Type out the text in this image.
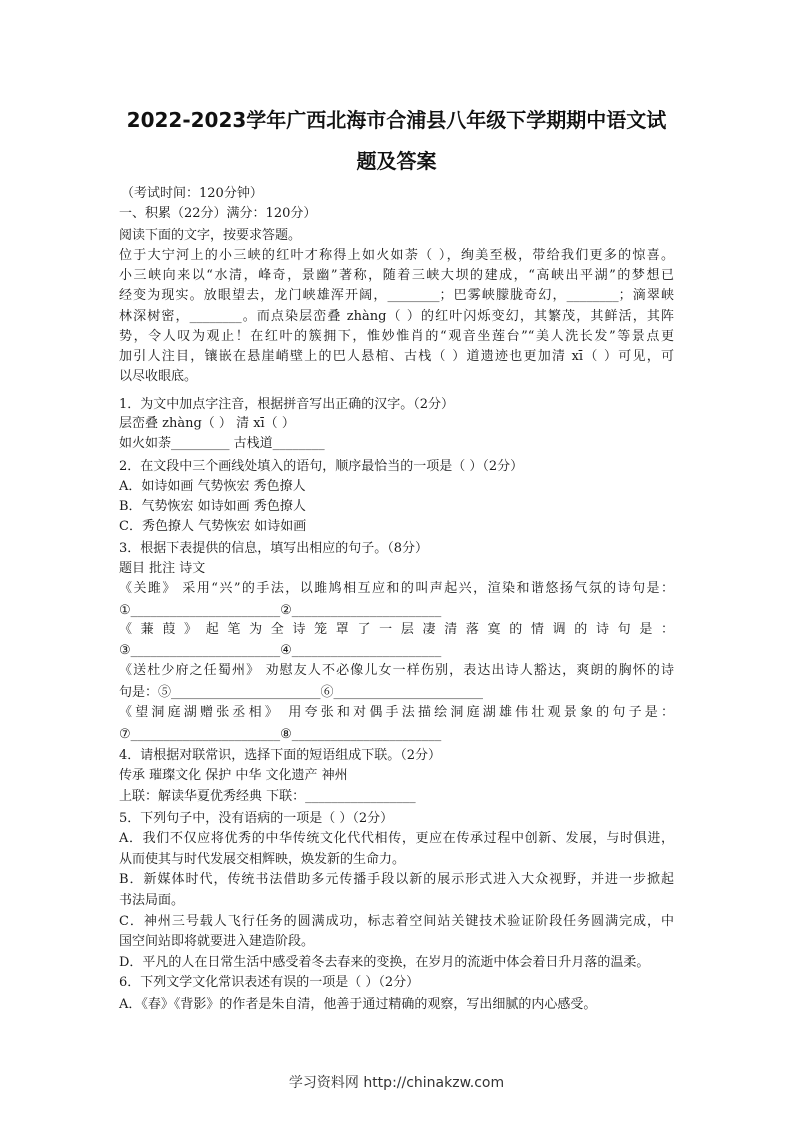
2022-2023学年广西北海市合浦县八年级下学期期中语文试
题及答案
（考试时间：120分钟）
一、积累（22分）满分：120分）
阅读下面的文字，按要求答题。
位于大宁河上的小三峡的红叶才称得上如火如荼（ ），绚美至极，带给我们更多的惊喜。
小三峡向来以“水清，峰奇，景幽”著称，随着三峡大坝的建成，“高峡出平湖”的梦想已
经变为现实。放眼望去，龙门峡雄浑开阔，________；巴雾峡朦胧奇幻，________；滴翠峡
林深树密，________。而点染层峦叠 zhàng（ ）的红叶闪烁变幻，其繁茂，其鲜活，其阵
势，令人叹为观止！在红叶的簇拥下，惟妙惟肖的“观音坐莲台”“美人洗长发”等景点更
加引人注目，镶嵌在悬崖峭壁上的巴人悬棺、古栈（ ）道遗迹也更加清 xī（ ）可见，可
以尽收眼底。
1．为文中加点字注音，根据拼音写出正确的汉字。（2分）
层峦叠 zhàng（ ） 清 xī（ ）
如火如荼_________ 古栈道________
2．在文段中三个画线处填入的语句，顺序最恰当的一项是（ ）（2分）
A．如诗如画 气势恢宏 秀色撩人
B．气势恢宏 如诗如画 秀色撩人
C．秀色撩人 气势恢宏 如诗如画
3．根据下表提供的信息，填写出相应的句子。（8分）
题目 批注 诗文
《关雎》 采用“兴”的手法，以雎鸠相互应和的叫声起兴，渲染和谐悠扬气氛的诗句是：
①_______________________②_______________________
《 蒹 葭 》 起 笔 为 全 诗 笼 罩 了 一 层 凄 清 落 寞 的 情 调 的 诗 句 是 ：
③_______________________④_______________________
《送杜少府之任蜀州》 劝慰友人不必像儿女一样伤别，表达出诗人豁达，爽朗的胸怀的诗
句是：⑤_______________________⑥_______________________
《望洞庭湖赠张丞相》 用夸张和对偶手法描绘洞庭湖雄伟壮观景象的句子是：
⑦_______________________⑧_______________________
4．请根据对联常识，选择下面的短语组成下联。（2分）
传承 璀璨文化 保护 中华 文化遗产 神州
上联：解读华夏优秀经典 下联：_________________
5．下列句子中，没有语病的一项是（ ）（2分）
A．我们不仅应将优秀的中华传统文化代代相传，更应在传承过程中创新、发展，与时俱进，
从而使其与时代发展交相辉映，焕发新的生命力。
B．新媒体时代，传统书法借助多元传播手段以新的展示形式进入大众视野，并进一步掀起
书法局面。
C．神州三号载人飞行任务的圆满成功，标志着空间站关键技术验证阶段任务圆满完成，中
国空间站即将就要进入建造阶段。
D．平凡的人在日常生活中感受着冬去春来的变换，在岁月的流逝中体会着日升月落的温柔。
6．下列文学文化常识表述有误的一项是（ ）（2分）
A．《春》《背影》的作者是朱自清，他善于通过精确的观察，写出细腻的内心感受。
学习资料网 http://chinakzw.com
